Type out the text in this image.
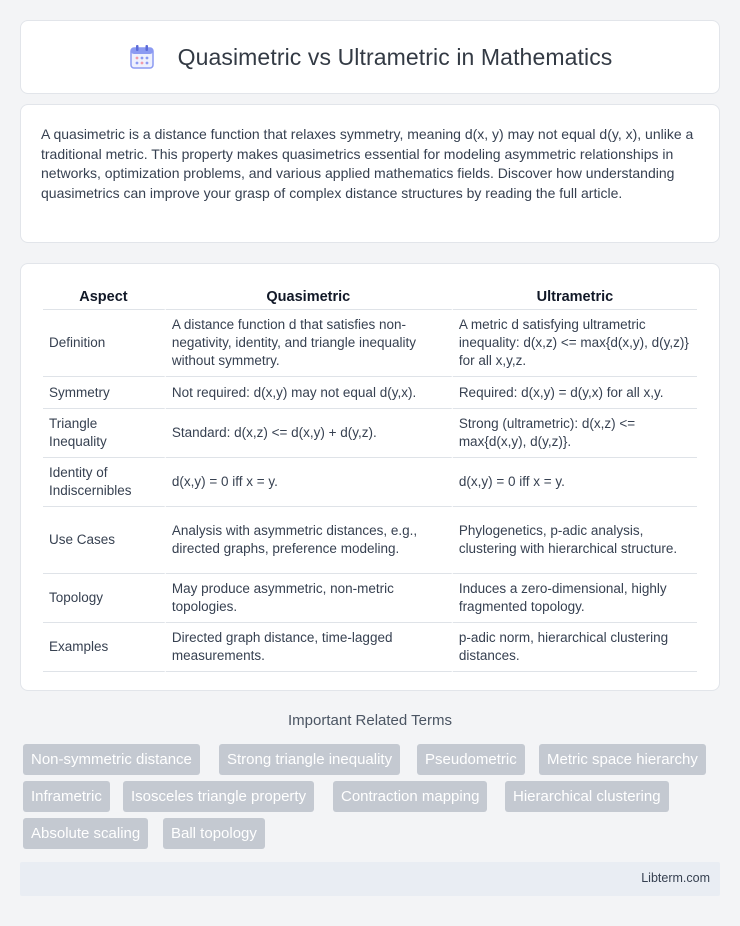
Quasimetric vs Ultrametric in Mathematics

A quasimetric is a distance function that relaxes symmetry, meaning d(x, y) may not equal d(y, x), unlike a traditional metric. This property makes quasimetrics essential for modeling asymmetric relationships in networks, optimization problems, and various applied mathematics fields. Discover how understanding quasimetrics can improve your grasp of complex distance structures by reading the full article.

Aspect	Quasimetric	Ultrametric
Definition	A distance function d that satisfies non-negativity, identity, and triangle inequality without symmetry.	A metric d satisfying ultrametric inequality: d(x,z) <= max{d(x,y), d(y,z)} for all x,y,z.
Symmetry	Not required: d(x,y) may not equal d(y,x).	Required: d(x,y) = d(y,x) for all x,y.
Triangle Inequality	Standard: d(x,z) <= d(x,y) + d(y,z).	Strong (ultrametric): d(x,z) <= max{d(x,y), d(y,z)}.
Identity of Indiscernibles	d(x,y) = 0 iff x = y.	d(x,y) = 0 iff x = y.
Use Cases	Analysis with asymmetric distances, e.g., directed graphs, preference modeling.	Phylogenetics, p-adic analysis, clustering with hierarchical structure.
Topology	May produce asymmetric, non-metric topologies.	Induces a zero-dimensional, highly fragmented topology.
Examples	Directed graph distance, time-lagged measurements.	p-adic norm, hierarchical clustering distances.
Important Related Terms
Non-symmetric distance	Strong triangle inequality	Pseudometric	Metric space hierarchy
Inframetric	Isosceles triangle property	Contraction mapping	Hierarchical clustering
Absolute scaling	Ball topology
Libterm.com
